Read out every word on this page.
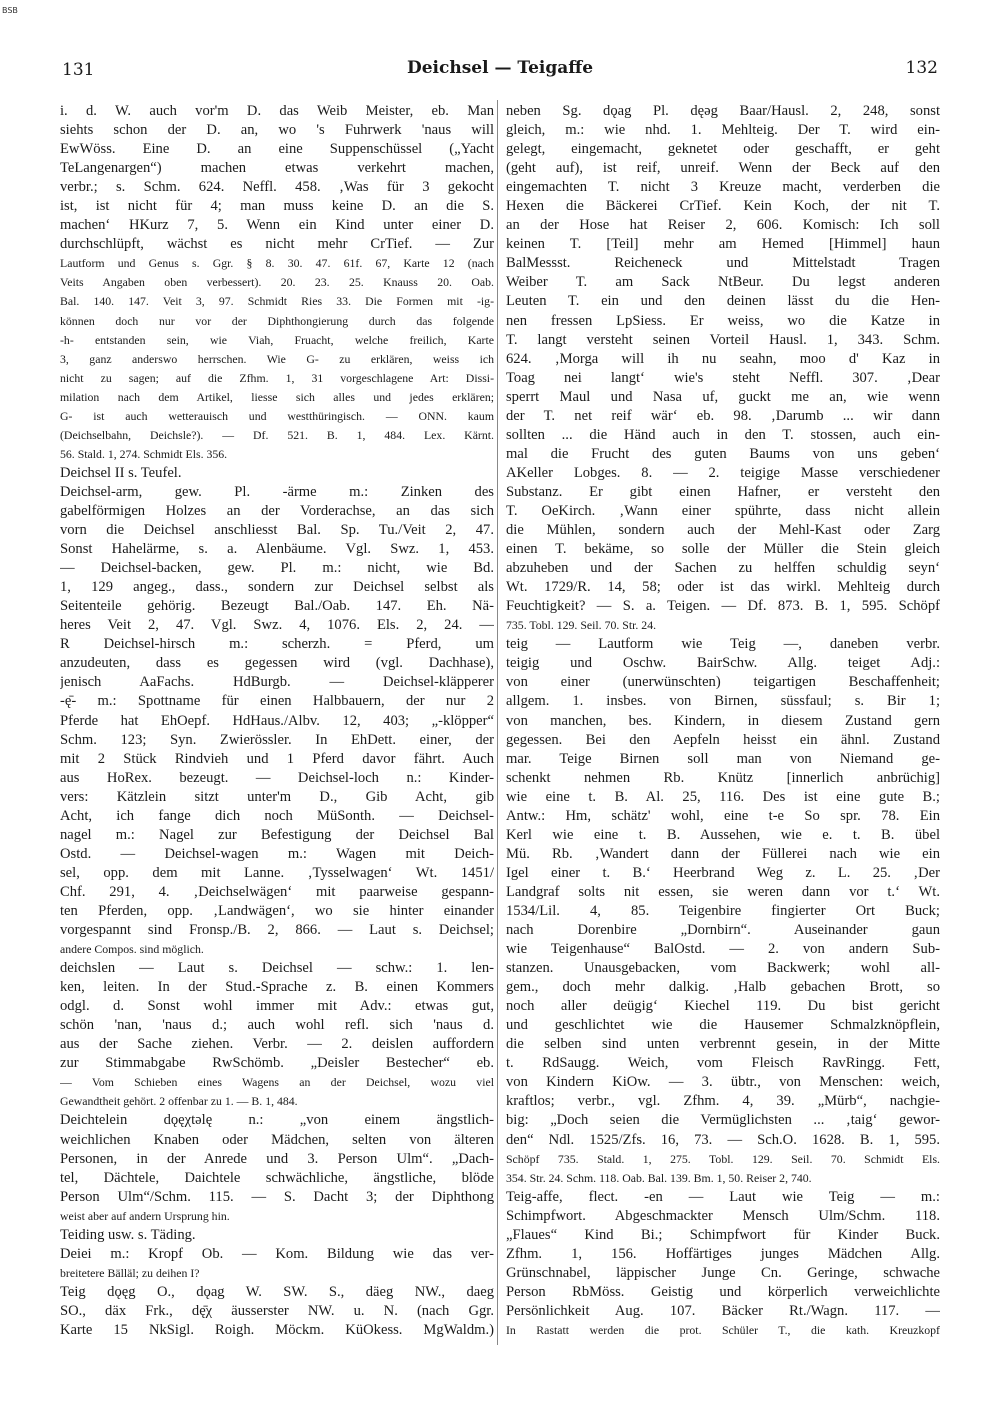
BSB
131	Deichsel — Teigaffe	132
i. d. W. auch vor'm D. das Weib Meister, eb. Man
siehts schon der D. an, wo 's Fuhrwerk 'naus will
EwWöss. Eine D. an eine Suppenschüssel („Yacht
TeLangenargen“) machen etwas verkehrt machen,
verbr.; s. Schm. 624. Neffl. 458. ‚Was für 3 gekocht
ist, ist nicht für 4; man muss keine D. an die S.
machen‘ HKurz 7, 5. Wenn ein Kind unter einer D.
durchschlüpft, wächst es nicht mehr CrTief. — Zur
Lautform und Genus s. Ggr. § 8. 30. 47. 61f. 67, Karte 12 (nach
Veits Angaben oben verbessert). 20. 23. 25. Knauss 20. Oab.
Bal. 140. 147. Veit 3, 97. Schmidt Ries 33. Die Formen mit -ig-
können doch nur vor der Diphthongierung durch das folgende
-h- entstanden sein, wie Viah, Fruacht, welche freilich, Karte
3, ganz anderswo herrschen. Wie G- zu erklären, weiss ich
nicht zu sagen; auf die Zfhm. 1, 31 vorgeschlagene Art: Dissi-
milation nach dem Artikel, liesse sich alles und jedes erklären;
G- ist auch wetterauisch und westthüringisch. — ONN. kaum
(Deichselbahn, Deichsle?). — Df. 521. B. 1, 484. Lex. Kärnt.
56. Stald. 1, 274. Schmidt Els. 356.
Deichsel II s. Teufel.
Deichsel-arm, gew. Pl. -ärme m.: Zinken des
gabelförmigen Holzes an der Vorderachse, an das sich
vorn die Deichsel anschliesst Bal. Sp. Tu./Veit 2, 47.
Sonst Hahelärme, s. a. Alenbäume. Vgl. Swz. 1, 453.
— Deichsel-backen, gew. Pl. m.: nicht, wie Bd.
1, 129 angeg., dass., sondern zur Deichsel selbst als
Seitenteile gehörig. Bezeugt Bal./Oab. 147. Eh. Nä-
heres Veit 2, 47. Vgl. Swz. 4, 1076. Els. 2, 24. —
R Deichsel-hirsch m.: scherzh. = Pferd, um
anzudeuten, dass es gegessen wird (vgl. Dachhase),
jenisch AaFachs. HdBurgb. — Deichsel-kläpperer
-ę̄- m.: Spottname für einen Halbbauern, der nur 2
Pferde hat EhOepf. HdHaus./Albv. 12, 403; „-klöpper“
Schm. 123; Syn. Zwierössler. In EhDett. einer, der
mit 2 Stück Rindvieh und 1 Pferd davor fährt. Auch
aus HoRex. bezeugt. — Deichsel-loch n.: Kinder-
vers: Kätzlein sitzt unter'm D., Gib Acht, gib
Acht, ich fange dich noch MüSonth. — Deichsel-
nagel m.: Nagel zur Befestigung der Deichsel Bal
Ostd. — Deichsel-wagen m.: Wagen mit Deich-
sel, opp. dem mit Lanne. ‚Tysselwagen‘ Wt. 1451/
Chf. 291, 4. ‚Deichselwägen‘ mit paarweise gespann-
ten Pferden, opp. ‚Landwägen‘, wo sie hinter einander
vorgespannt sind Fronsp./B. 2, 866. — Laut s. Deichsel;
andere Compos. sind möglich.
deichslen — Laut s. Deichsel — schw.: 1. len-
ken, leiten. In der Stud.-Sprache z. B. einen Kommers
odgl. d. Sonst wohl immer mit Adv.: etwas gut,
schön 'nan, 'naus d.; auch wohl refl. sich 'naus d.
aus der Sache ziehen. Verbr. — 2. deislen auffordern
zur Stimmabgabe RwSchömb. „Deisler Bestecher“ eb.
— Vom Schieben eines Wagens an der Deichsel, wozu viel
Gewandtheit gehört. 2 offenbar zu 1. — B. 1, 484.
Deichtelein dǫęχtəlę n.: „von einem ängstlich-
weichlichen Knaben oder Mädchen, selten von älteren
Personen, in der Anrede und 3. Person Ulm“. „Dach-
tel, Dächtele, Daichtele schwächliche, ängstliche, blöde
Person Ulm“/Schm. 115. — S. Dacht 3; der Diphthong
weist aber auf andern Ursprung hin.
Teiding usw. s. Täding.
Deiei m.: Kropf Ob. — Kom. Bildung wie das ver-
breitetere Bälläl; zu deihen I?
Teig dǫęg O., dǫag W. SW. S., däeg NW., daeg
SO., däx Frk., dę̄χ äusserster NW. u. N. (nach Ggr.
Karte 15 NkSigl. Roigh. Möckm. KüOkess. MgWaldm.)
neben Sg. dǫag Pl. dęǝg Baar/Hausl. 2, 248, sonst
gleich, m.: wie nhd. 1. Mehlteig. Der T. wird ein-
gelegt, eingemacht, geknetet oder geschafft, er geht
(geht auf), ist reif, unreif. Wenn der Beck auf den
eingemachten T. nicht 3 Kreuze macht, verderben die
Hexen die Bäckerei CrTief. Kein Koch, der nit T.
an der Hose hat Reiser 2, 606. Komisch: Ich soll
keinen T. [Teil] mehr am Hemed [Himmel] haun
BalMessst. Reicheneck und Mittelstadt Tragen
Weiber T. am Sack NtBeur. Du legst anderen
Leuten T. ein und den deinen lässt du die Hen-
nen fressen LpSiess. Er weiss, wo die Katze in
T. langt versteht seinen Vorteil Hausl. 1, 343. Schm.
624. ‚Morga will ih nu seahn, moo d' Kaz in
Toag nei langt‘ wie's steht Neffl. 307. ‚Dear
sperrt Maul und Nasa uf, guckt me an, wie wenn
der T. net reif wär‘ eb. 98. ‚Darumb ... wir dann
sollten ... die Händ auch in den T. stossen, auch ein-
mal die Frucht des guten Baums von uns geben‘
AKeller Lobges. 8. — 2. teigige Masse verschiedener
Substanz. Er gibt einen Hafner, er versteht den
T. OeKirch. ‚Wann einer spührte, dass nicht allein
die Mühlen, sondern auch der Mehl-Kast oder Zarg
einen T. bekäme, so solle der Müller die Stein gleich
abzuheben und der Sachen zu helffen schuldig seyn‘
Wt. 1729/R. 14, 58; oder ist das wirkl. Mehlteig durch
Feuchtigkeit? — S. a. Teigen. — Df. 873. B. 1, 595. Schöpf
735. Tobl. 129. Seil. 70. Str. 24.
teig — Lautform wie Teig —, daneben verbr.
teigig und Oschw. BairSchw. Allg. teiget Adj.:
von einer (unerwünschten) teigartigen Beschaffenheit;
allgem. 1. insbes. von Birnen, süssfaul; s. Bir 1;
von manchen, bes. Kindern, in diesem Zustand gern
gegessen. Bei den Aepfeln heisst ein ähnl. Zustand
mar. Teige Birnen soll man von Niemand ge-
schenkt nehmen Rb. Knütz [innerlich anbrüchig]
wie eine t. B. Al. 25, 116. Des ist eine gute B.;
Antw.: Hm, schätz' wohl, eine t-e So spr. 78. Ein
Kerl wie eine t. B. Aussehen, wie e. t. B. übel
Mü. Rb. ‚Wandert dann der Füllerei nach wie ein
Igel einer t. B.‘ Heerbrand Weg z. L. 25. ‚Der
Landgraf solts nit essen, sie weren dann vor t.‘ Wt.
1534/Lil. 4, 85. Teigenbire fingierter Ort Buck;
nach Dorenbire „Dornbirn“. Auseinander gaun
wie Teigenhause“ BalOstd. — 2. von andern Sub-
stanzen. Unausgebacken, vom Backwerk; wohl all-
gem., doch mehr dalkig. ‚Halb gebachen Brott, so
noch aller deügig‘ Kiechel 119. Du bist gericht
und geschlichtet wie die Hausemer Schmalzknöpflein,
die selben sind unten verbrennt gesein, in der Mitte
t. RdSaugg. Weich, vom Fleisch RavRingg. Fett,
von Kindern KiOw. — 3. übtr., von Menschen: weich,
kraftlos; verbr., vgl. Zfhm. 4, 39. „Mürb“, nachgie-
big: „Doch seien die Vermüglichsten ... ‚taig‘ gewor-
den“ Ndl. 1525/Zfs. 16, 73. — Sch.O. 1628. B. 1, 595.
Schöpf 735. Stald. 1, 275. Tobl. 129. Seil. 70. Schmidt Els.
354. Str. 24. Schm. 118. Oab. Bal. 139. Bm. 1, 50. Reiser 2, 740.
Teig-affe, flect. -en — Laut wie Teig — m.:
Schimpfwort. Abgeschmackter Mensch Ulm/Schm. 118.
„Flaues“ Kind Bi.; Schimpfwort für Kinder Buck.
Zfhm. 1, 156. Hoffärtiges junges Mädchen Allg.
Grünschnabel, läppischer Junge Cn. Geringe, schwache
Person RbMöss. Geistig und körperlich verweichlichte
Persönlichkeit Aug. 107. Bäcker Rt./Wagn. 117. —
In Rastatt werden die prot. Schüler T., die kath. Kreuzkopf
